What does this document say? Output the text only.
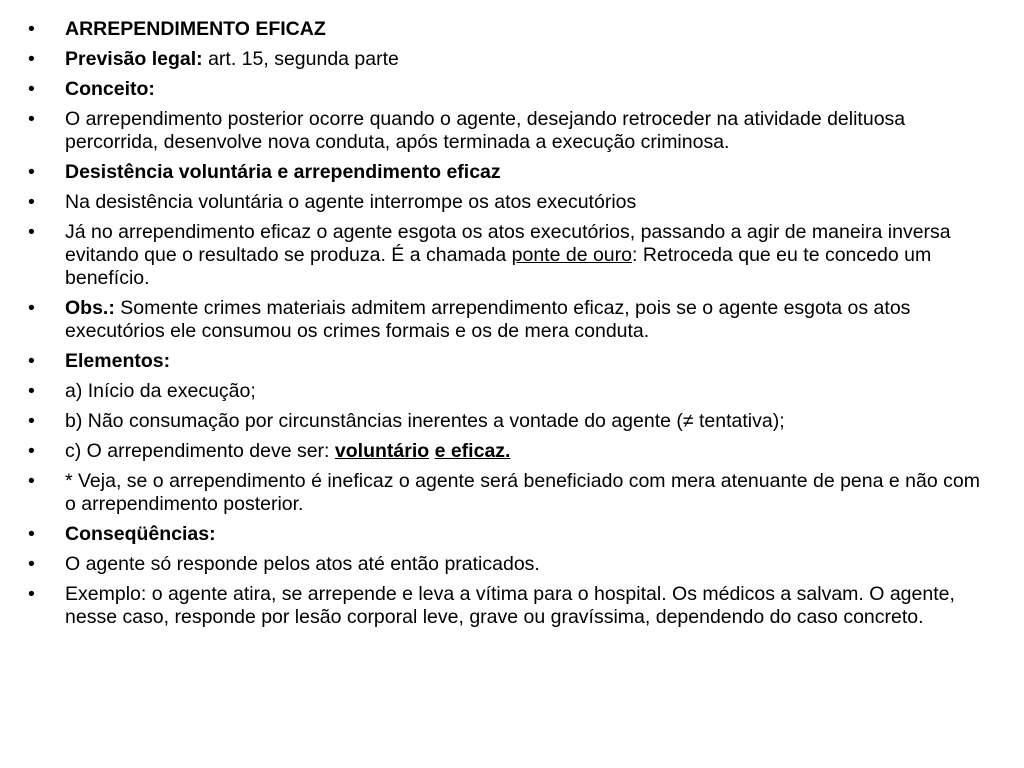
• ARREPENDIMENTO EFICAZ
• Previsão legal: art. 15, segunda parte
• Conceito:
• O arrependimento posterior ocorre quando o agente, desejando retroceder na atividade delituosa percorrida, desenvolve nova conduta, após terminada a execução criminosa.
• Desistência voluntária e arrependimento eficaz
• Na desistência voluntária o agente interrompe os atos executórios
• Já no arrependimento eficaz o agente esgota os atos executórios, passando a agir de maneira inversa evitando que o resultado se produza. É a chamada ponte de ouro: Retroceda que eu te concedo um benefício.
• Obs.: Somente crimes materiais admitem arrependimento eficaz, pois se o agente esgota os atos executórios ele consumou os crimes formais e os de mera conduta.
• Elementos:
• a) Início da execução;
• b) Não consumação por circunstâncias inerentes a vontade do agente (≠ tentativa);
• c) O arrependimento deve ser: voluntário e eficaz.
• * Veja, se o arrependimento é ineficaz o agente será beneficiado com mera atenuante de pena e não com o arrependimento posterior.
• Conseqüências:
• O agente só responde pelos atos até então praticados.
• Exemplo: o agente atira, se arrepende e leva a vítima para o hospital. Os médicos a salvam. O agente, nesse caso, responde por lesão corporal leve, grave ou gravíssima, dependendo do caso concreto.
